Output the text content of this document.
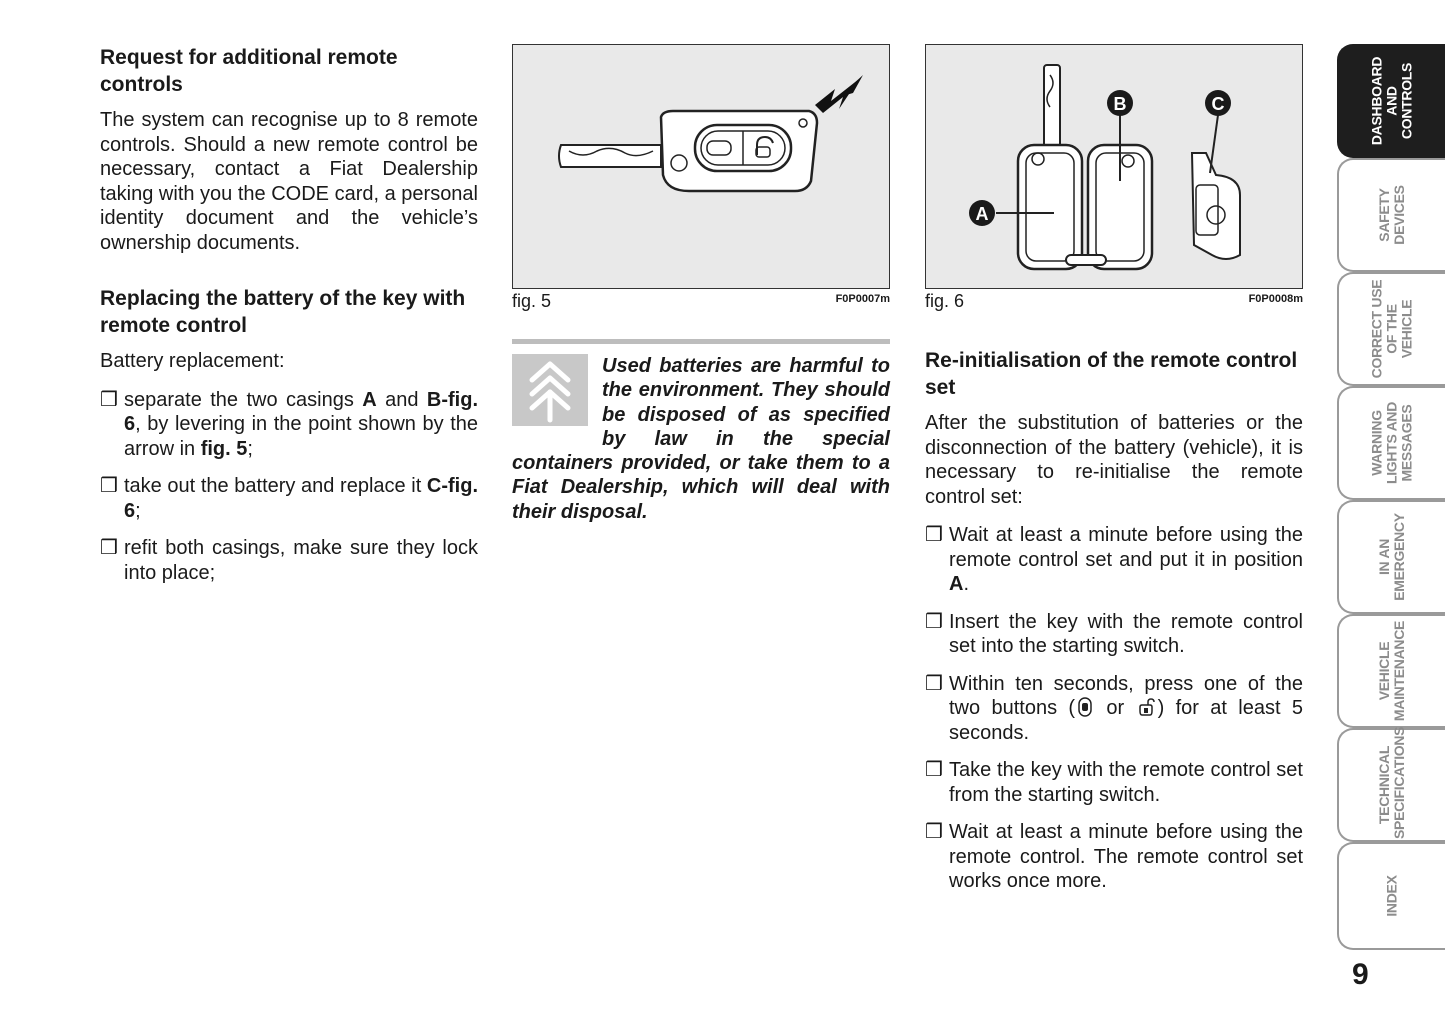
Request for additional remote controls

The system can recognise up to 8 remote controls. Should a new remote control be necessary, contact a Fiat Dealership taking with you the CODE card, a personal identity document and the vehicle’s ownership documents.

Replacing the battery of the key with remote control

Battery replacement:

❒ separate the two casings A and B-fig. 6, by levering in the point shown by the arrow in fig. 5;
❒ take out the battery and replace it C-fig. 6;
❒ refit both casings, make sure they lock into place;
fig. 5	F0P0007m
Used batteries are harmful to the environment. They should be disposed of as specified by law in the special containers provided, or take them to a Fiat Dealership, which will deal with their disposal.
A
B	C
fig. 6	F0P0008m
Re-initialisation of the remote control set

After the substitution of batteries or the disconnection of the battery (vehicle), it is necessary to re-initialise the remote control set:

❒ Wait at least a minute before using the remote control set and put it in position A.
❒ Insert the key with the remote control set into the starting switch.
❒ Within ten seconds, press one of the two buttons ( or ) for at least 5 seconds.
❒ Take the key with the remote control set from the starting switch.
❒ Wait at least a minute before using the remote control. The remote control set works once more.
DASHBOARD
AND CONTROLS
SAFETY
DEVICES
CORRECT USE
OF THE VEHICLE
WARNING
LIGHTS AND
MESSAGES
IN AN
EMERGENCY
VEHICLE
MAINTENANCE
TECHNICAL
SPECIFICATIONS
INDEX
9
